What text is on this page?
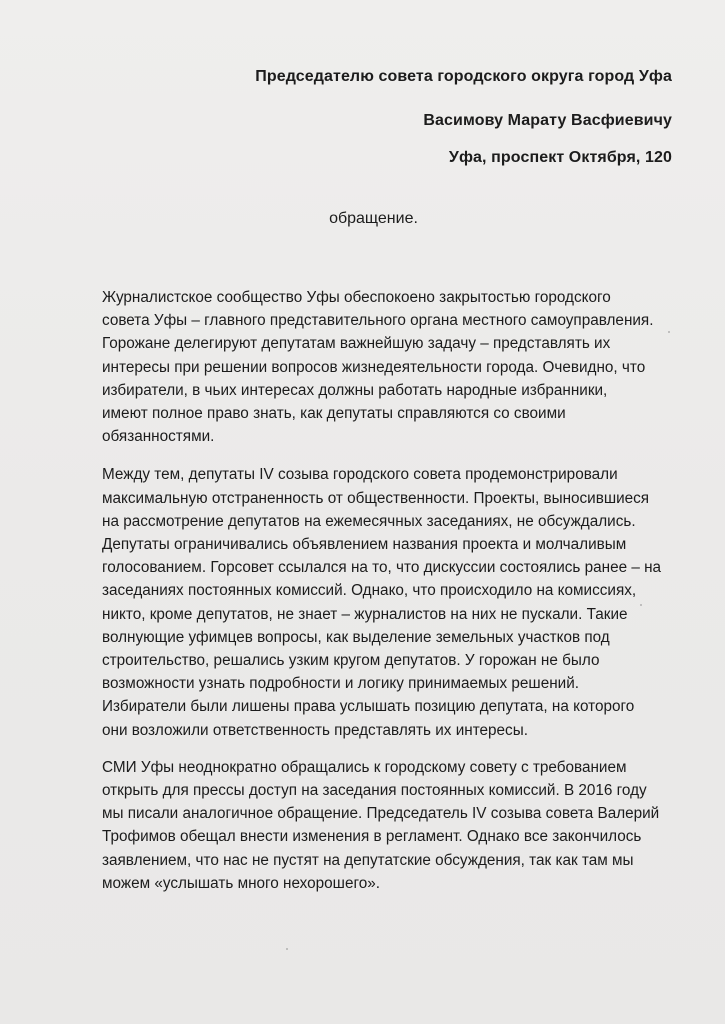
Председателю совета городского округа город Уфа
Васимову Марату Васфиевичу
Уфа, проспект Октября, 120
обращение.

Журналистское сообщество Уфы обеспокоено закрытостью городского
совета Уфы – главного представительного органа местного самоуправления.
Горожане делегируют депутатам важнейшую задачу – представлять их
интересы при решении вопросов жизнедеятельности города. Очевидно, что
избиратели, в чьих интересах должны работать народные избранники,
имеют полное право знать, как депутаты справляются со своими
обязанностями.

Между тем, депутаты IV созыва городского совета продемонстрировали
максимальную отстраненность от общественности. Проекты, выносившиеся
на рассмотрение депутатов на ежемесячных заседаниях, не обсуждались.
Депутаты ограничивались объявлением названия проекта и молчаливым
голосованием. Горсовет ссылался на то, что дискуссии состоялись ранее – на
заседаниях постоянных комиссий. Однако, что происходило на комиссиях,
никто, кроме депутатов, не знает – журналистов на них не пускали. Такие
волнующие уфимцев вопросы, как выделение земельных участков под
строительство, решались узким кругом депутатов. У горожан не было
возможности узнать подробности и логику принимаемых решений.
Избиратели были лишены права услышать позицию депутата, на которого
они возложили ответственность представлять их интересы.

СМИ Уфы неоднократно обращались к городскому совету с требованием
открыть для прессы доступ на заседания постоянных комиссий. В 2016 году
мы писали аналогичное обращение. Председатель IV созыва совета Валерий
Трофимов обещал внести изменения в регламент. Однако все закончилось
заявлением, что нас не пустят на депутатские обсуждения, так как там мы
можем «услышать много нехорошего».
